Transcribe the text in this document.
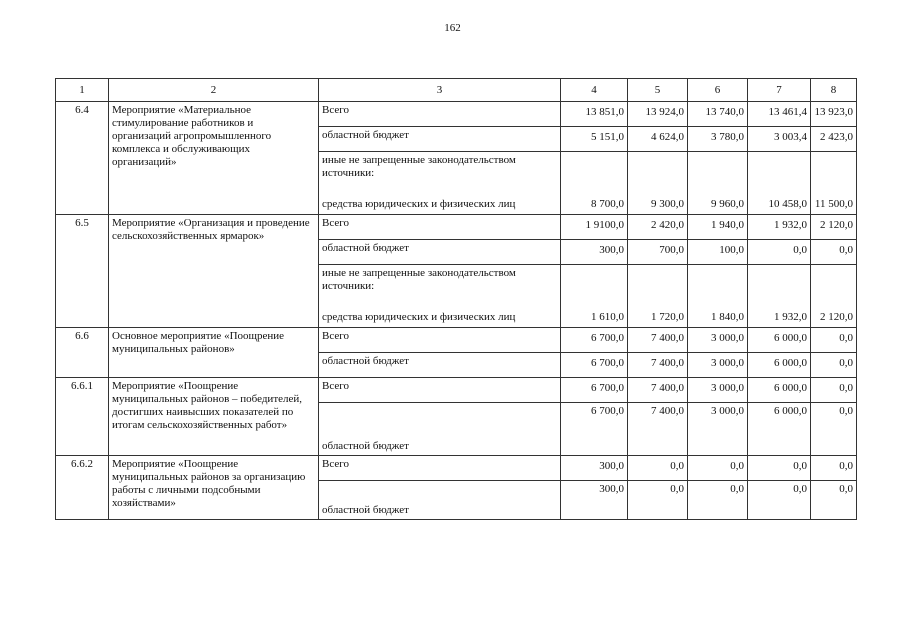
162
1	2	3	4	5	6	7	8
6.4	Мероприятие «Материальное стимулирование работников и организаций агропромышленного комплекса и обслуживающих организаций»	Всего	13 851,0	13 924,0	13 740,0	13 461,4	13 923,0
		областной бюджет	5 151,0	4 624,0	3 780,0	3 003,4	2 423,0
		иные не запрещенные законодательством источники:					
		средства юридических и физических лиц	8 700,0	9 300,0	9 960,0	10 458,0	11 500,0
6.5	Мероприятие «Организация и проведение сельскохозяйственных ярмарок»	Всего	1 9100,0	2 420,0	1 940,0	1 932,0	2 120,0
		областной бюджет	300,0	700,0	100,0	0,0	0,0
		иные не запрещенные законодательством источники:					
		средства юридических и физических лиц	1 610,0	1 720,0	1 840,0	1 932,0	2 120,0
6.6	Основное мероприятие «Поощрение муниципальных районов»	Всего	6 700,0	7 400,0	3 000,0	6 000,0	0,0
		областной бюджет	6 700,0	7 400,0	3 000,0	6 000,0	0,0
6.6.1	Мероприятие «Поощрение муниципальных районов – победителей, достигших наивысших показателей по итогам сельскохозяйственных работ»	Всего	6 700,0	7 400,0	3 000,0	6 000,0	0,0
		областной бюджет	6 700,0	7 400,0	3 000,0	6 000,0	0,0
6.6.2	Мероприятие «Поощрение муниципальных районов за организацию работы с личными подсобными хозяйствами»	Всего	300,0	0,0	0,0	0,0	0,0
		областной бюджет	300,0	0,0	0,0	0,0	0,0
